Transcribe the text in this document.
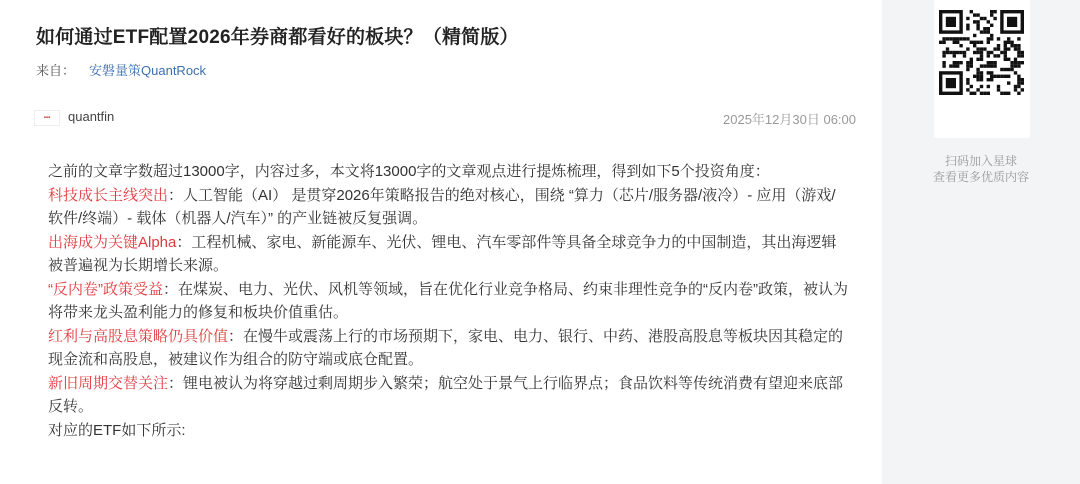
如何通过ETF配置2026年券商都看好的板块？（精简版）
来自： 安磐量策QuantRock
▪▪▪	quantfin	2025年12月30日 06:00

之前的文章字数超过13000字，内容过多，本文将13000字的文章观点进行提炼梳理，得到如下5个投资角度：

科技成长主线突出：人工智能（AI） 是贯穿2026年策略报告的绝对核心，围绕 “算力（芯片/服务器/液冷）- 应用（游戏/软件/终端）- 载体（机器人/汽车）” 的产业链被反复强调。

出海成为关键Alpha：工程机械、家电、新能源车、光伏、锂电、汽车零部件等具备全球竞争力的中国制造，其出海逻辑被普遍视为长期增长来源。

“反内卷”政策受益：在煤炭、电力、光伏、风机等领域，旨在优化行业竞争格局、约束非理性竞争的“反内卷”政策，被认为将带来龙头盈利能力的修复和板块价值重估。

红利与高股息策略仍具价值：在慢牛或震荡上行的市场预期下，家电、电力、银行、中药、港股高股息等板块因其稳定的现金流和高股息，被建议作为组合的防守端或底仓配置。

新旧周期交替关注：锂电被认为将穿越过剩周期步入繁荣；航空处于景气上行临界点；食品饮料等传统消费有望迎来底部反转。

对应的ETF如下所示:

扫码加入星球
查看更多优质内容
